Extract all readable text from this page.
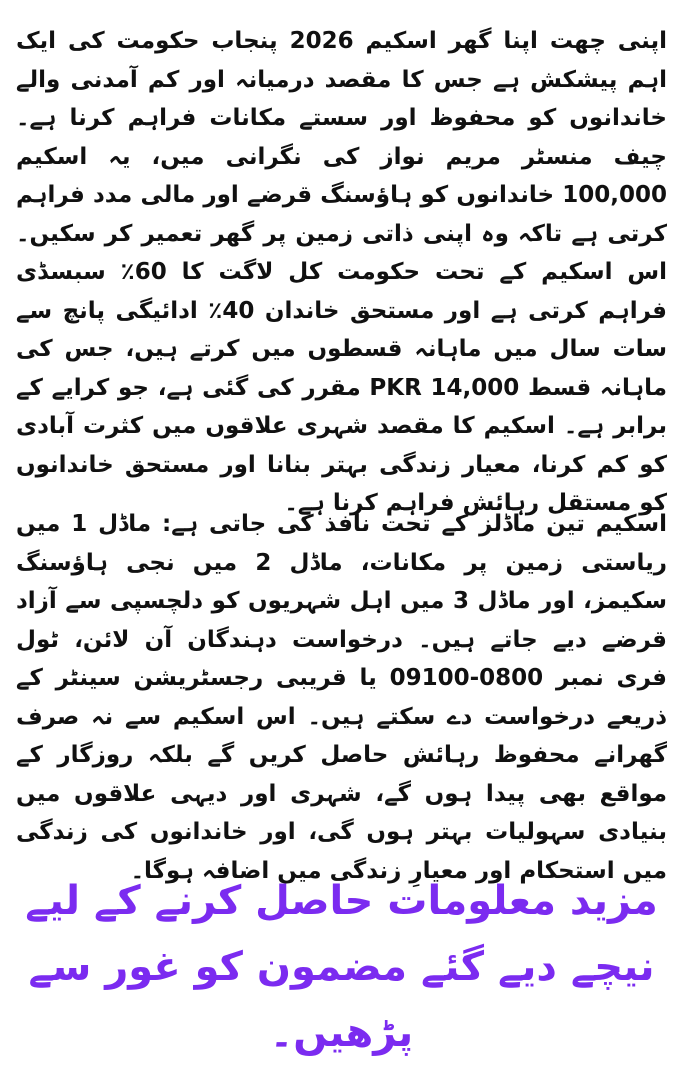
اپنی چھت اپنا گھر اسکیم 2026 پنجاب حکومت کی ایک اہم پیشکش ہے جس کا مقصد درمیانہ اور کم آمدنی والے خاندانوں کو محفوظ اور سستے مکانات فراہم کرنا ہے۔ چیف منسٹر مریم نواز کی نگرانی میں، یہ اسکیم 100,000 خاندانوں کو ہاؤسنگ قرضے اور مالی مدد فراہم کرتی ہے تاکہ وہ اپنی ذاتی زمین پر گھر تعمیر کر سکیں۔ اس اسکیم کے تحت حکومت کل لاگت کا 60٪ سبسڈی فراہم کرتی ہے اور مستحق خاندان 40٪ ادائیگی پانچ سے سات سال میں ماہانہ قسطوں میں کرتے ہیں، جس کی ماہانہ قسط PKR 14,000 مقرر کی گئی ہے، جو کرایے کے برابر ہے۔ اسکیم کا مقصد شہری علاقوں میں کثرت آبادی کو کم کرنا، معیار زندگی بہتر بنانا اور مستحق خاندانوں کو مستقل رہائش فراہم کرنا ہے۔

اسکیم تین ماڈلز کے تحت نافذ کی جاتی ہے: ماڈل 1 میں ریاستی زمین پر مکانات، ماڈل 2 میں نجی ہاؤسنگ سکیمز، اور ماڈل 3 میں اہل شہریوں کو دلچسپی سے آزاد قرضے دیے جاتے ہیں۔ درخواست دہندگان آن لائن، ٹول فری نمبر 0800-09100 یا قریبی رجسٹریشن سینٹر کے ذریعے درخواست دے سکتے ہیں۔ اس اسکیم سے نہ صرف گھرانے محفوظ رہائش حاصل کریں گے بلکہ روزگار کے مواقع بھی پیدا ہوں گے، شہری اور دیہی علاقوں میں بنیادی سہولیات بہتر ہوں گی، اور خاندانوں کی زندگی میں استحکام اور معیارِ زندگی میں اضافہ ہوگا۔

مزید معلومات حاصل کرنے کے لیے نیچے دیے گئے مضمون کو غور سے پڑھیں۔
